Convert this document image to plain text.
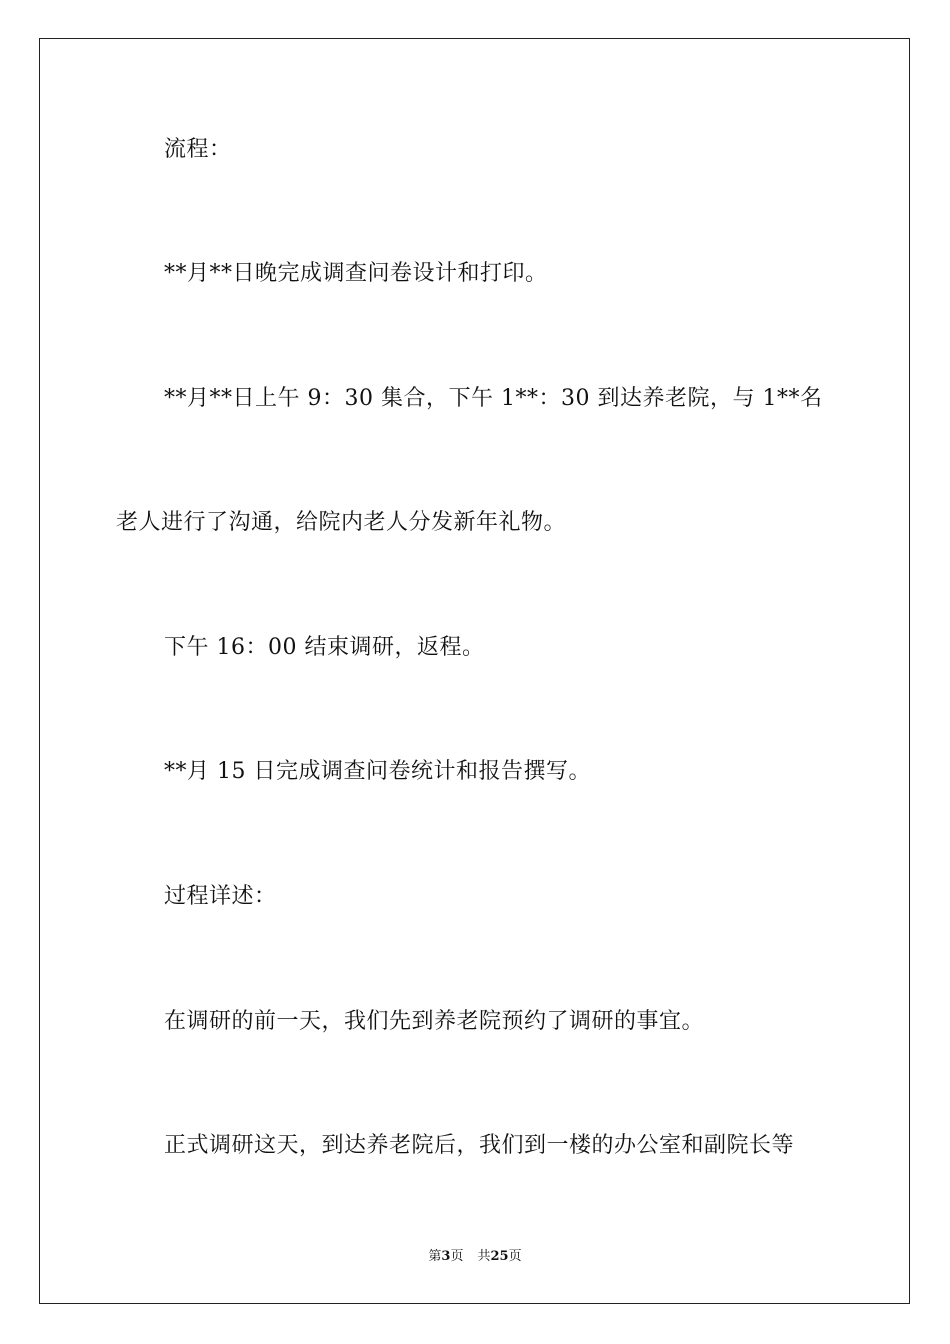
流程：
**月**日晚完成调查问卷设计和打印。
**月**日上午 9：30 集合，下午 1**：30 到达养老院，与 1**名
老人进行了沟通，给院内老人分发新年礼物。
下午 16：00 结束调研，返程。
**月 15 日完成调查问卷统计和报告撰写。
过程详述：
在调研的前一天，我们先到养老院预约了调研的事宜。
正式调研这天，到达养老院后，我们到一楼的办公室和副院长等
第3页 共25页
